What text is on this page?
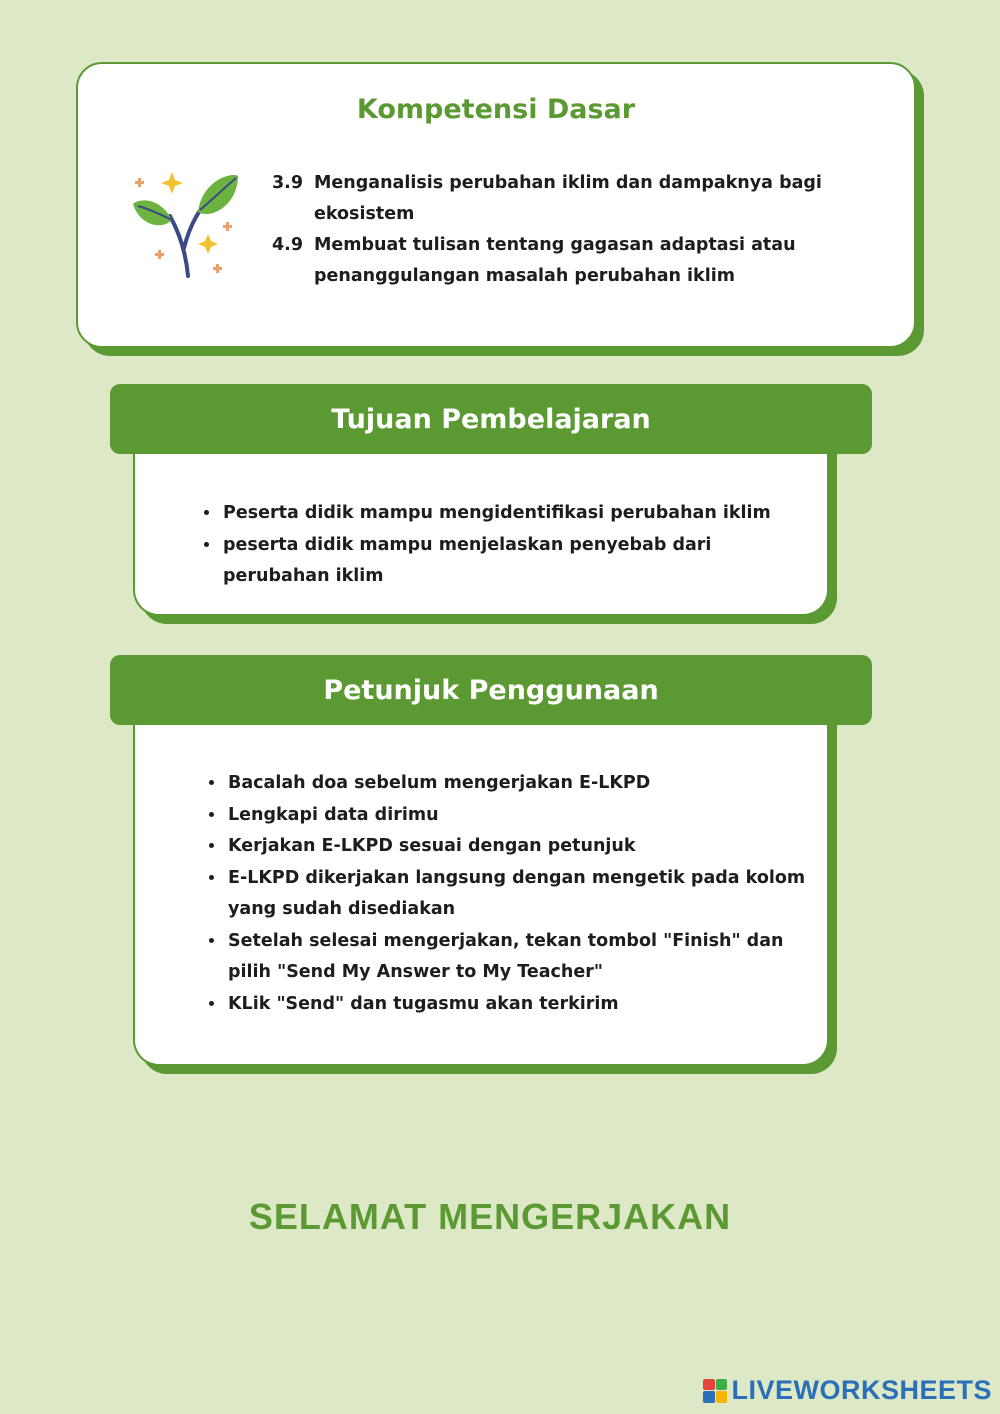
Kompetensi Dasar
3.9 Menganalisis perubahan iklim dan dampaknya bagi ekosistem
4.9 Membuat tulisan tentang gagasan adaptasi atau penanggulangan masalah perubahan iklim
• Peserta didik mampu mengidentifikasi perubahan iklim
• peserta didik mampu menjelaskan penyebab dari perubahan iklim
Tujuan Pembelajaran
• Bacalah doa sebelum mengerjakan E-LKPD
• Lengkapi data dirimu
• Kerjakan E-LKPD sesuai dengan petunjuk
• E-LKPD dikerjakan langsung dengan mengetik pada kolom yang sudah disediakan
• Setelah selesai mengerjakan, tekan tombol "Finish" dan pilih "Send My Answer to My Teacher"
• KLik "Send" dan tugasmu akan terkirim
Petunjuk Penggunaan
SELAMAT MENGERJAKAN
LIVEWORKSHEETS
